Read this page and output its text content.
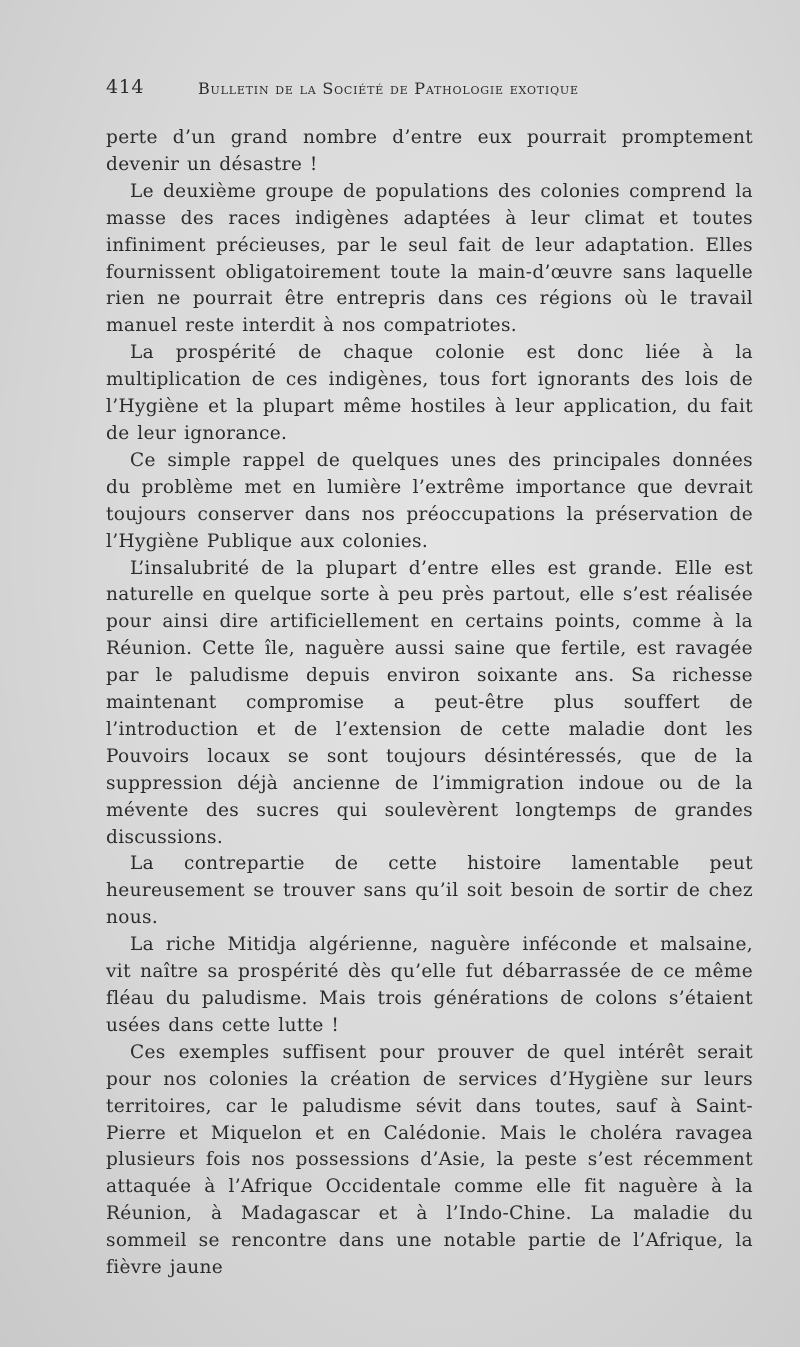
414	Bulletin de la Société de Pathologie exotique

perte d’un grand nombre d’entre eux pourrait promptement devenir un désastre !

Le deuxième groupe de populations des colonies comprend la masse des races indigènes adaptées à leur climat et toutes infiniment précieuses, par le seul fait de leur adaptation. Elles fournissent obligatoirement toute la main-d’œuvre sans laquelle rien ne pourrait être entrepris dans ces régions où le travail manuel reste interdit à nos compatriotes.

La prospérité de chaque colonie est donc liée à la multiplication de ces indigènes, tous fort ignorants des lois de l’Hygiène et la plupart même hostiles à leur application, du fait de leur ignorance.

Ce simple rappel de quelques unes des principales données du problème met en lumière l’extrême importance que devrait toujours conserver dans nos préoccupations la préservation de l’Hygiène Publique aux colonies.

L’insalubrité de la plupart d’entre elles est grande. Elle est naturelle en quelque sorte à peu près partout, elle s’est réalisée pour ainsi dire artificiellement en certains points, comme à la Réunion. Cette île, naguère aussi saine que fertile, est ravagée par le paludisme depuis environ soixante ans. Sa richesse maintenant compromise a peut-être plus souffert de l’introduction et de l’extension de cette maladie dont les Pouvoirs locaux se sont toujours désintéressés, que de la suppression déjà ancienne de l’immigration indoue ou de la mévente des sucres qui soulevèrent longtemps de grandes discussions.

La contrepartie de cette histoire lamentable peut heureusement se trouver sans qu’il soit besoin de sortir de chez nous.

La riche Mitidja algérienne, naguère inféconde et malsaine, vit naître sa prospérité dès qu’elle fut débarrassée de ce même fléau du paludisme. Mais trois générations de colons s’étaient usées dans cette lutte !

Ces exemples suffisent pour prouver de quel intérêt serait pour nos colonies la création de services d’Hygiène sur leurs territoires, car le paludisme sévit dans toutes, sauf à Saint-Pierre et Miquelon et en Calédonie. Mais le choléra ravagea plusieurs fois nos possessions d’Asie, la peste s’est récemment attaquée à l’Afrique Occidentale comme elle fit naguère à la Réunion, à Madagascar et à l’Indo-Chine. La maladie du sommeil se rencontre dans une notable partie de l’Afrique, la fièvre jaune
